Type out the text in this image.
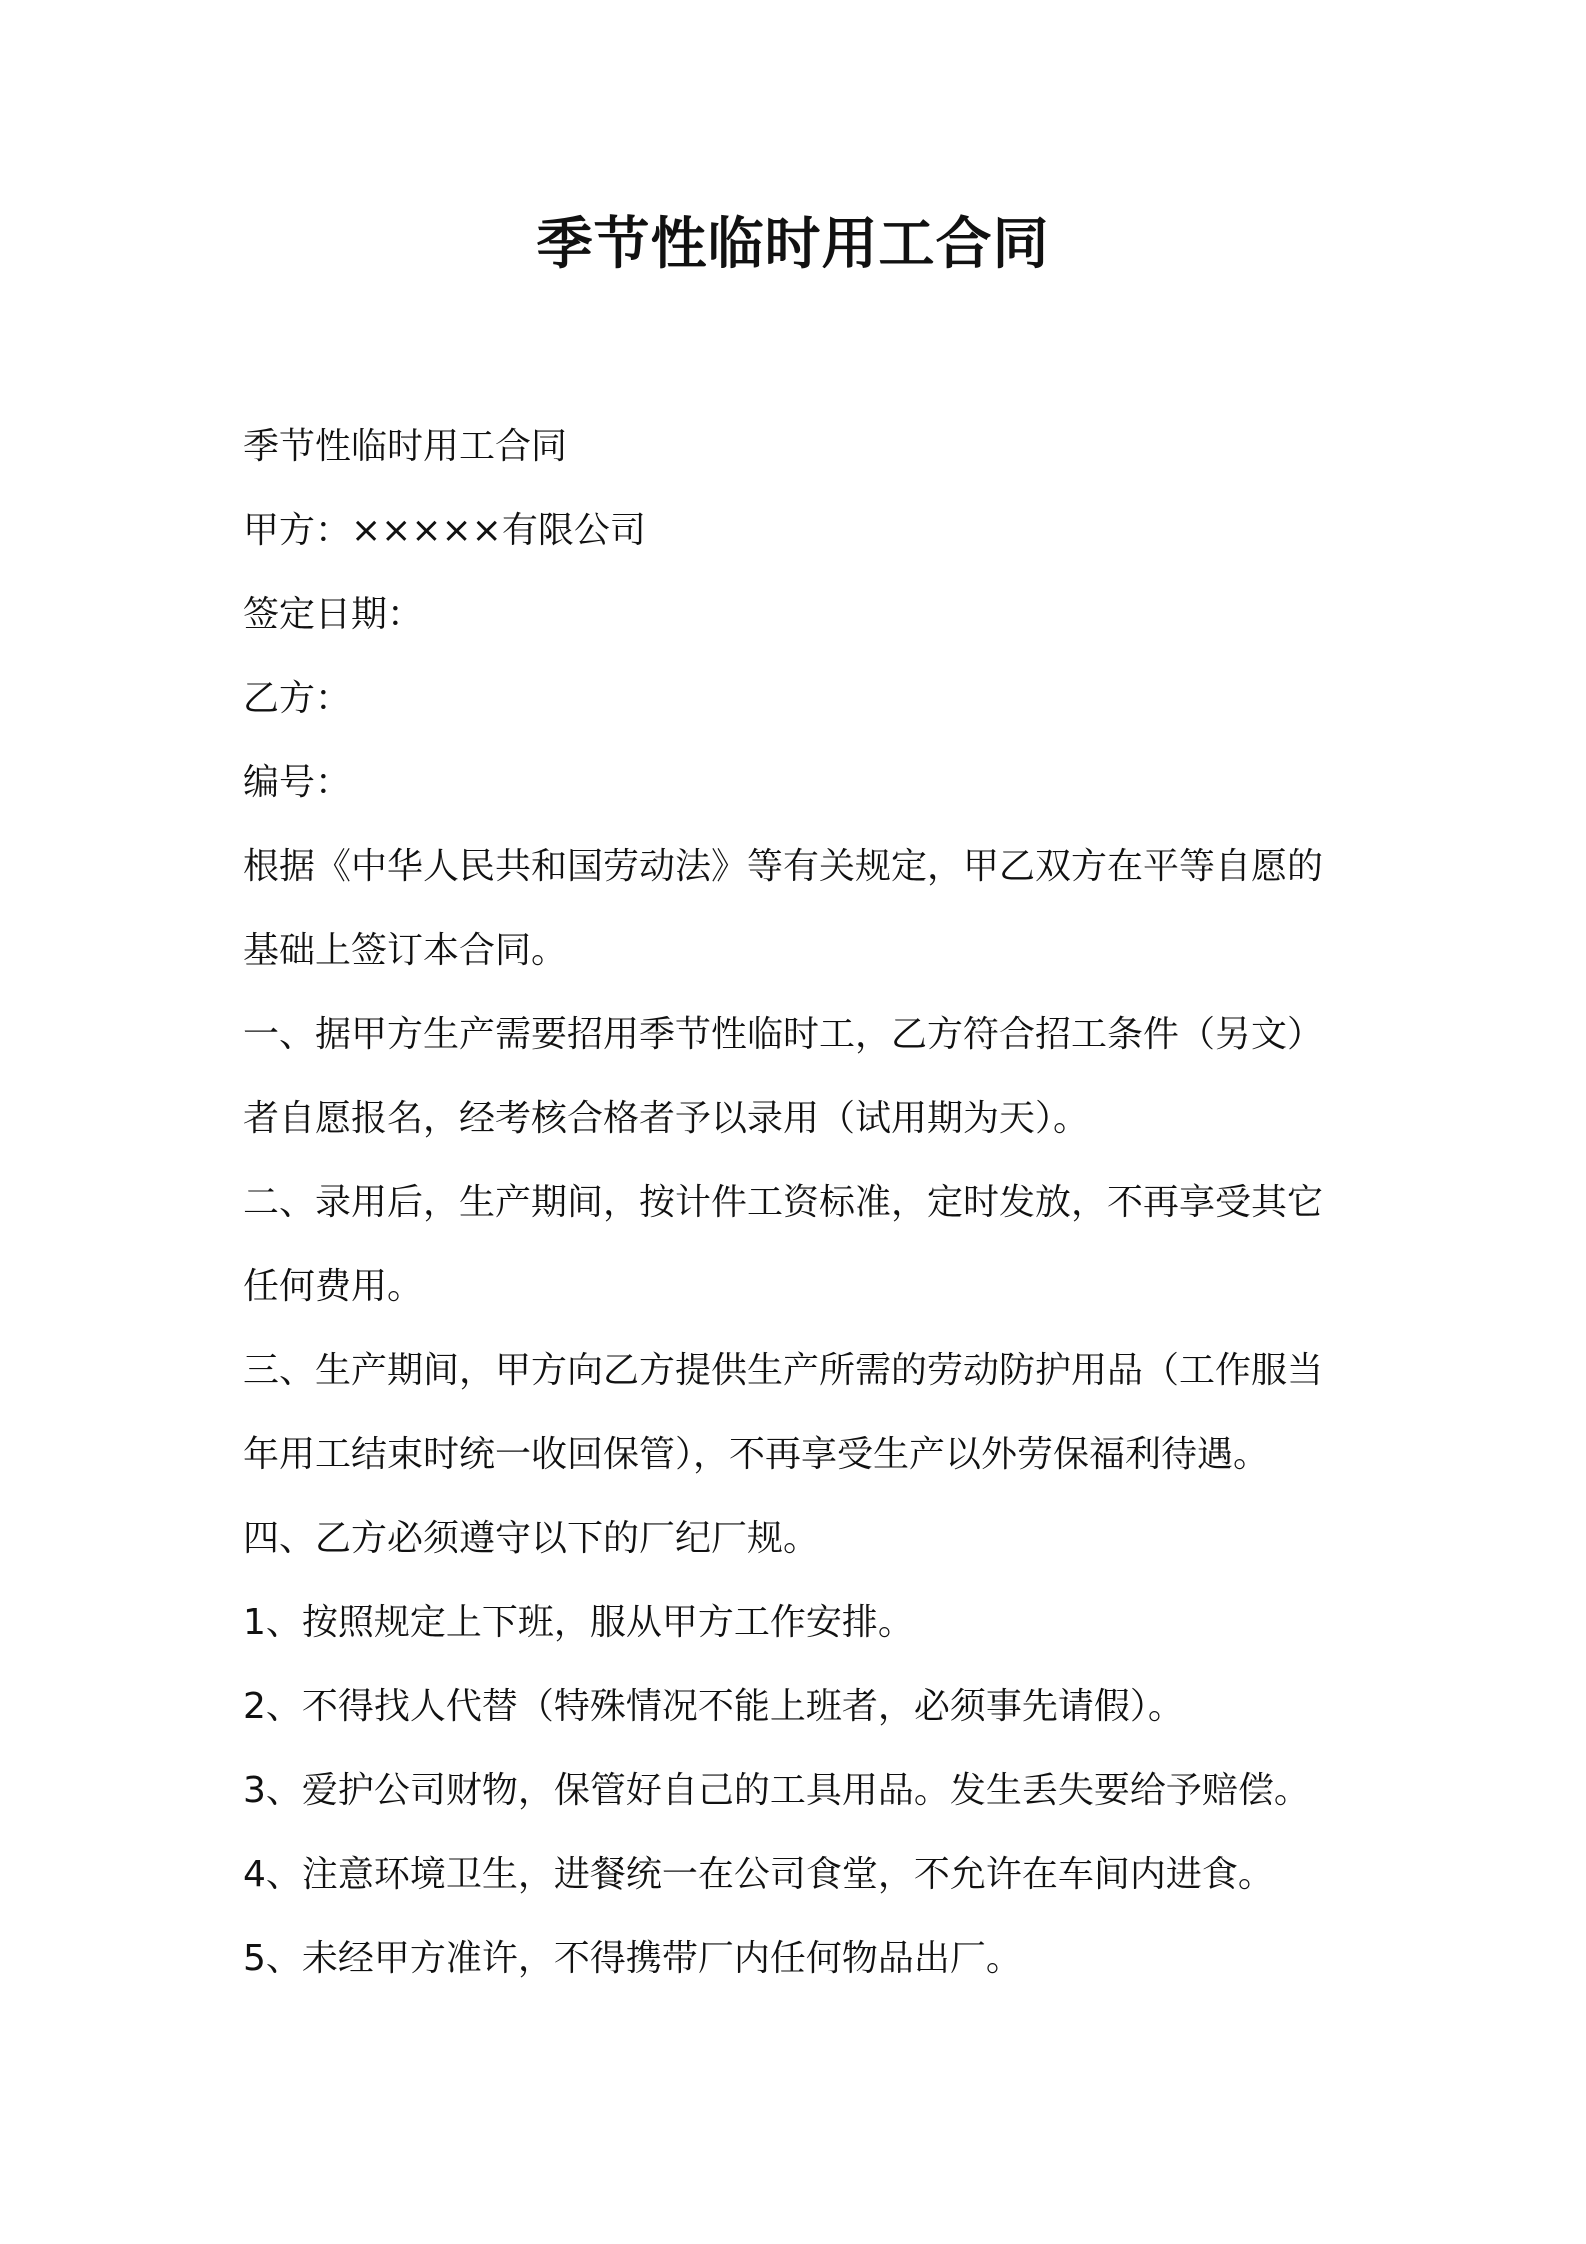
季节性临时用工合同

季节性临时用工合同

甲方：×××××有限公司

签定日期：

乙方：

编号：

根据《中华人民共和国劳动法》等有关规定，甲乙双方在平等自愿的

基础上签订本合同。

一、据甲方生产需要招用季节性临时工，乙方符合招工条件（另文）

者自愿报名，经考核合格者予以录用（试用期为天）。

二、录用后，生产期间，按计件工资标准，定时发放，不再享受其它

任何费用。

三、生产期间，甲方向乙方提供生产所需的劳动防护用品（工作服当

年用工结束时统一收回保管），不再享受生产以外劳保福利待遇。

四、乙方必须遵守以下的厂纪厂规。

1、按照规定上下班，服从甲方工作安排。

2、不得找人代替（特殊情况不能上班者，必须事先请假）。

3、爱护公司财物，保管好自己的工具用品。发生丢失要给予赔偿。

4、注意环境卫生，进餐统一在公司食堂，不允许在车间内进食。

5、未经甲方准许，不得携带厂内任何物品出厂。
